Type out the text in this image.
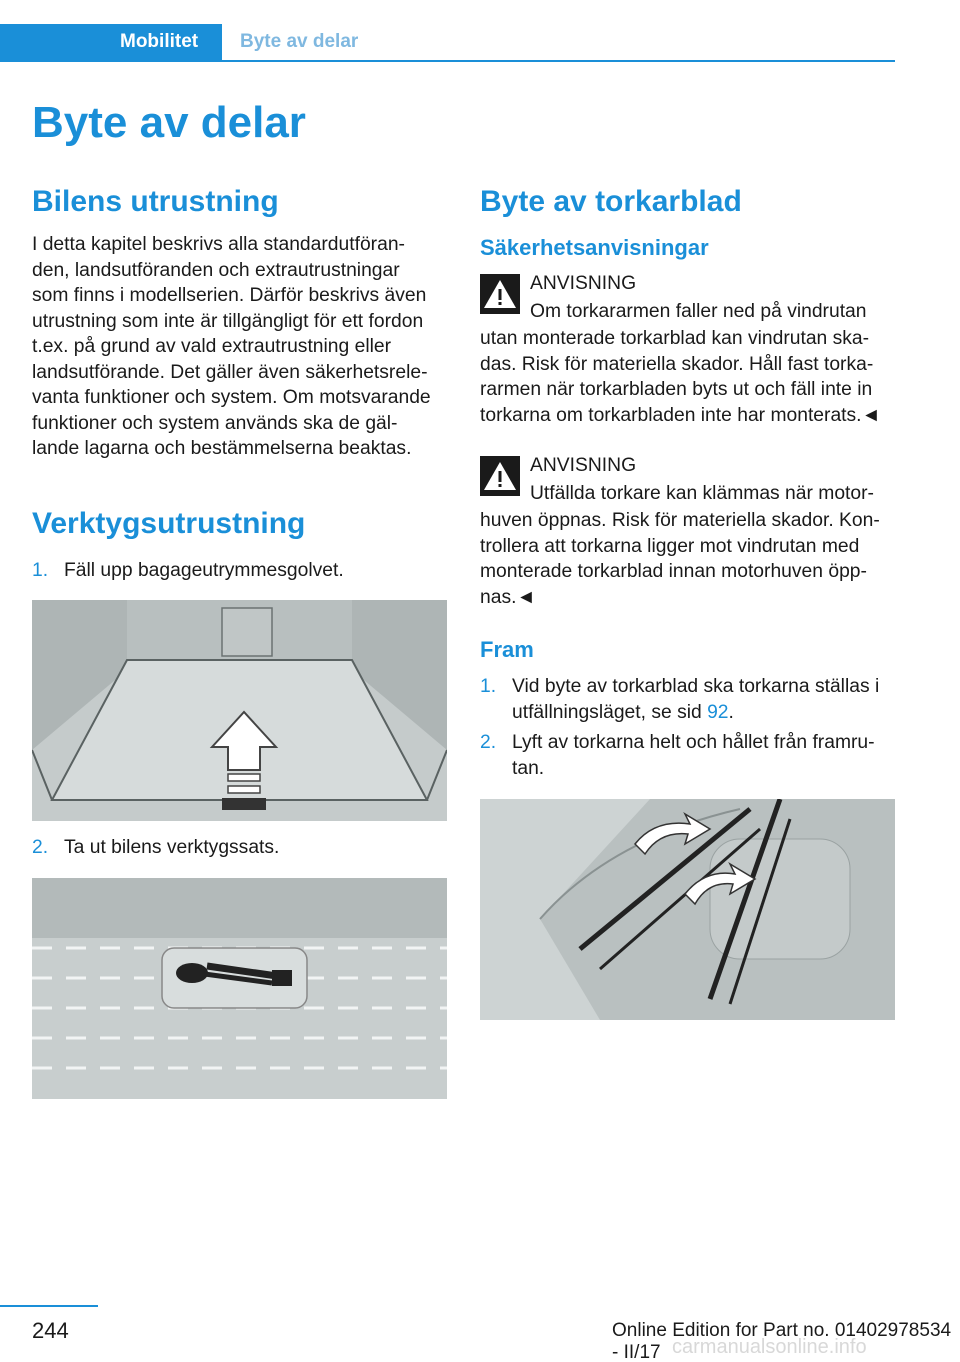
Mobilitet	Byte av delar
Byte av delar
Bilens utrustning
I detta kapitel beskrivs alla standardutföran-
den, landsutföranden och extrautrustningar
som finns i modellserien. Därför beskrivs även
utrustning som inte är tillgängligt för ett fordon
t.ex. på grund av vald extrautrustning eller
landsutförande. Det gäller även säkerhetsrele-
vanta funktioner och system. Om motsvarande
funktioner och system används ska de gäl-
lande lagarna och bestämmelserna beaktas.
Verktygsutrustning
1. Fäll upp bagageutrymmesgolvet.
2. Ta ut bilens verktygssats.
Byte av torkarblad
Säkerhetsanvisningar
ANVISNING
Om torkararmen faller ned på vindrutan
utan monterade torkarblad kan vindrutan ska-
das. Risk för materiella skador. Håll fast torka-
rarmen när torkarbladen byts ut och fäll inte in
torkarna om torkarbladen inte har monterats.◄
ANVISNING
Utfällda torkare kan klämmas när motor-
huven öppnas. Risk för materiella skador. Kon-
trollera att torkarna ligger mot vindrutan med
monterade torkarblad innan motorhuven öpp-
nas.◄
Fram
1. Vid byte av torkarblad ska torkarna ställas i
utfällningsläget, se sid 92.
2. Lyft av torkarna helt och hållet från framru-
tan.
244	Online Edition for Part no. 01402978534 - II/17 carmanualsonline.info
